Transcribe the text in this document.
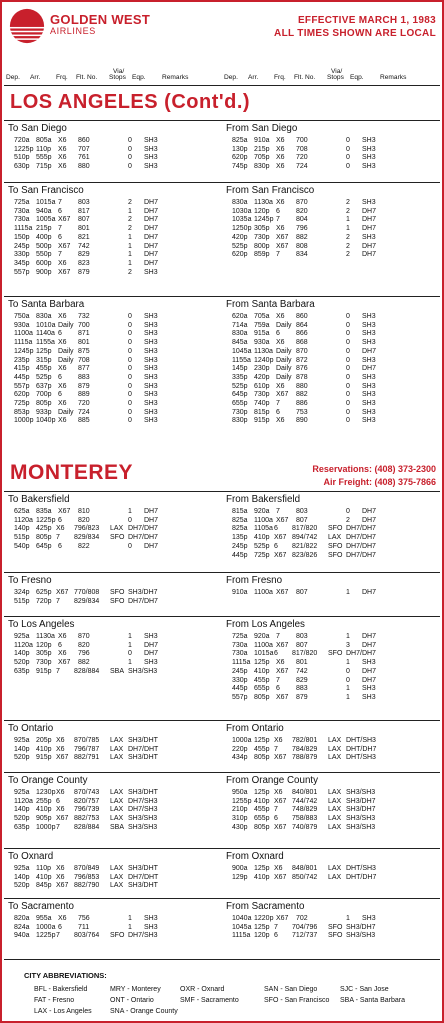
GOLDEN WEST
AIRLINES
EFFECTIVE MARCH 1, 1983
ALL TIMES SHOWN ARE LOCAL
CITY ABBREVIATIONS:
Dep. Arr. Frq. Flt. No.
Via/
Stops Eqp. Remarks	Dep. Arr. Frq. Flt. No.
Via/
Stops Eqp. Remarks
LOS ANGELES (Cont'd.)
To San Diego
720a 805a X6 860	0 SH3
1225p 110p X6 707	0 SH3
510p 555p X6 761	0 SH3
630p 715p X6 880	0 SH3
From San Diego
825a 910a X6 700	0 SH3
130p 215p X6 708	0 SH3
620p 705p X6 720	0 SH3
745p 830p X6 724	0 SH3
To San Francisco
725a 1015a 7 803	2 DH7
730a 940a 6 817	1 DH7
730a 1005a X67 807	2 DH7
1115a 215p 7 801	2 DH7
150p 400p 6 821	1 DH7
245p 500p X67 742	1 DH7
330p 550p 7 829	1 DH7
345p 600p X6 823	1 DH7
557p 900p X67 879	2 SH3
From San Francisco
830a 1130a X6 870	2 SH3
1030a 120p 6 820	2 DH7
1035a 1245p 7 804	1 DH7
1250p 305p X6 796	1 DH7
420p 730p X67 882	2 SH3
525p 800p X67 808	2 DH7
620p 859p 7 834	2 DH7
To Santa Barbara
750a 830a X6 732	0 SH3
930a 1010a Daily 700	0 SH3
1100a 1140a 6 871	0 SH3
1115a 1155a X6 801	0 SH3
1245p 125p Daily 875	0 SH3
235p 315p Daily 708	0 SH3
415p 455p X6 877	0 SH3
445p 525p 6 883	0 SH3
557p 637p X6 879	0 SH3
620p 700p 6 889	0 SH3
725p 805p X6 720	0 SH3
853p 933p Daily 724	0 SH3
1000p 1040p X6 885	0 SH3
From Santa Barbara
620a 705a X6 860	0 SH3
714a 759a Daily 864	0 SH3
830a 915a 6 866	0 SH3
845a 930a X6 868	0 SH3
1045a 1130a Daily 870	0 DH7
1155a 1240p Daily 872	0 SH3
145p 230p Daily 876	0 DH7
335p 420p Daily 878	0 SH3
525p 610p X6 880	0 SH3
645p 730p X67 882	0 SH3
655p 740p 7 886	0 SH3
730p 815p 6 753	0 SH3
830p 915p X6 890	0 SH3
MONTEREY	Reservations: (408) 373-2300
Air Freight: (408) 375-7866
To Bakersfield
625a 835a X67 810	1 DH7
1120a 1225p 6 820	0 DH7
140p 425p X6 796/823 LAX DH7/DH7
515p 805p 7 829/834 SFO DH7/DH7
540p 645p 6 822	0 DH7
From Bakersfield
815a 920a 7 803	0 DH7
825a 1100a X67 807	2 DH7
825a 1105a 6 817/820 SFO DH7/DH7
135p 410p X67 894/742 LAX DH7/DH7
245p 525p 6 821/822 SFO DH7/DH7
445p 725p X67 823/826 SFO DH7/DH7
To Fresno
324p 625p X67 770/808 SFO SH3/DH7
515p 720p 7 829/834 SFO DH7/DH7
From Fresno
910a 1100a X67 807	1 DH7
To Los Angeles
925a 1130a X6 870	1 SH3
1120a 120p 6 820	1 DH7
140p 305p X6 796	0 DH7
520p 730p X67 882	1 SH3
635p 915p 7 828/884 SBA SH3/SH3
From Los Angeles
725a 920a 7 803	1 DH7
730a 1100a X67 807	3 DH7
730a 1015a 6 817/820 SFO DH7/DH7
1115a 125p X6 801	1 SH3
245p 410p X67 742	0 DH7
330p 455p 7 829	0 DH7
445p 655p 6 883	1 SH3
557p 805p X67 879	1 SH3
To Ontario
925a 205p X6 870/785 LAX SH3/DHT
140p 410p X6 796/787 LAX DH7/DHT
520p 915p X67 882/791 LAX SH3/DHT
From Ontario
1000a 125p X6 782/801 LAX DHT/SH3
220p 455p 7 784/829 LAX DHT/DH7
434p 805p X67 788/879 LAX DHT/SH3
To Orange County
925a 1230p X6 870/743 LAX SH3/DHT
1120a 255p 6 820/757 LAX DH7/SH3
140p 410p X6 796/739 LAX DH7/SH3
520p 905p X67 882/753 LAX SH3/SH3
635p 1000p 7 828/884 SBA SH3/SH3
From Orange County
950a 125p X6 840/801 LAX SH3/SH3
1255p 410p X67 744/742 LAX SH3/DH7
210p 455p 7 748/829 LAX SH3/DH7
310p 655p 6 758/883 LAX SH3/SH3
430p 805p X67 740/879 LAX SH3/SH3
To Oxnard
925a 110p X6 870/849 LAX SH3/DHT
140p 410p X6 796/853 LAX DH7/DHT
520p 845p X67 882/790 LAX SH3/DHT
From Oxnard
900a 125p X6 848/801 LAX DHT/SH3
129p 410p X67 850/742 LAX DHT/DH7
To Sacramento
820a 955a X6 756	1 SH3
824a 1000a 6 711	1 SH3
940a 1225p 7 803/764 SFO DH7/SH3
From Sacramento
1040a 1220p X67 702	1 SH3
1045a 125p 7 704/796 SFO SH3/DH7
1115a 120p 6 712/737 SFO SH3/SH3
BFL - Bakersfield	MRY - Monterey	OXR - Oxnard	SAN - San Diego	SJC - San Jose
FAT - Fresno	ONT - Ontario	SMF - Sacramento	SFO - San Francisco SBA - Santa Barbara
LAX - Los Angeles	SNA - Orange County
